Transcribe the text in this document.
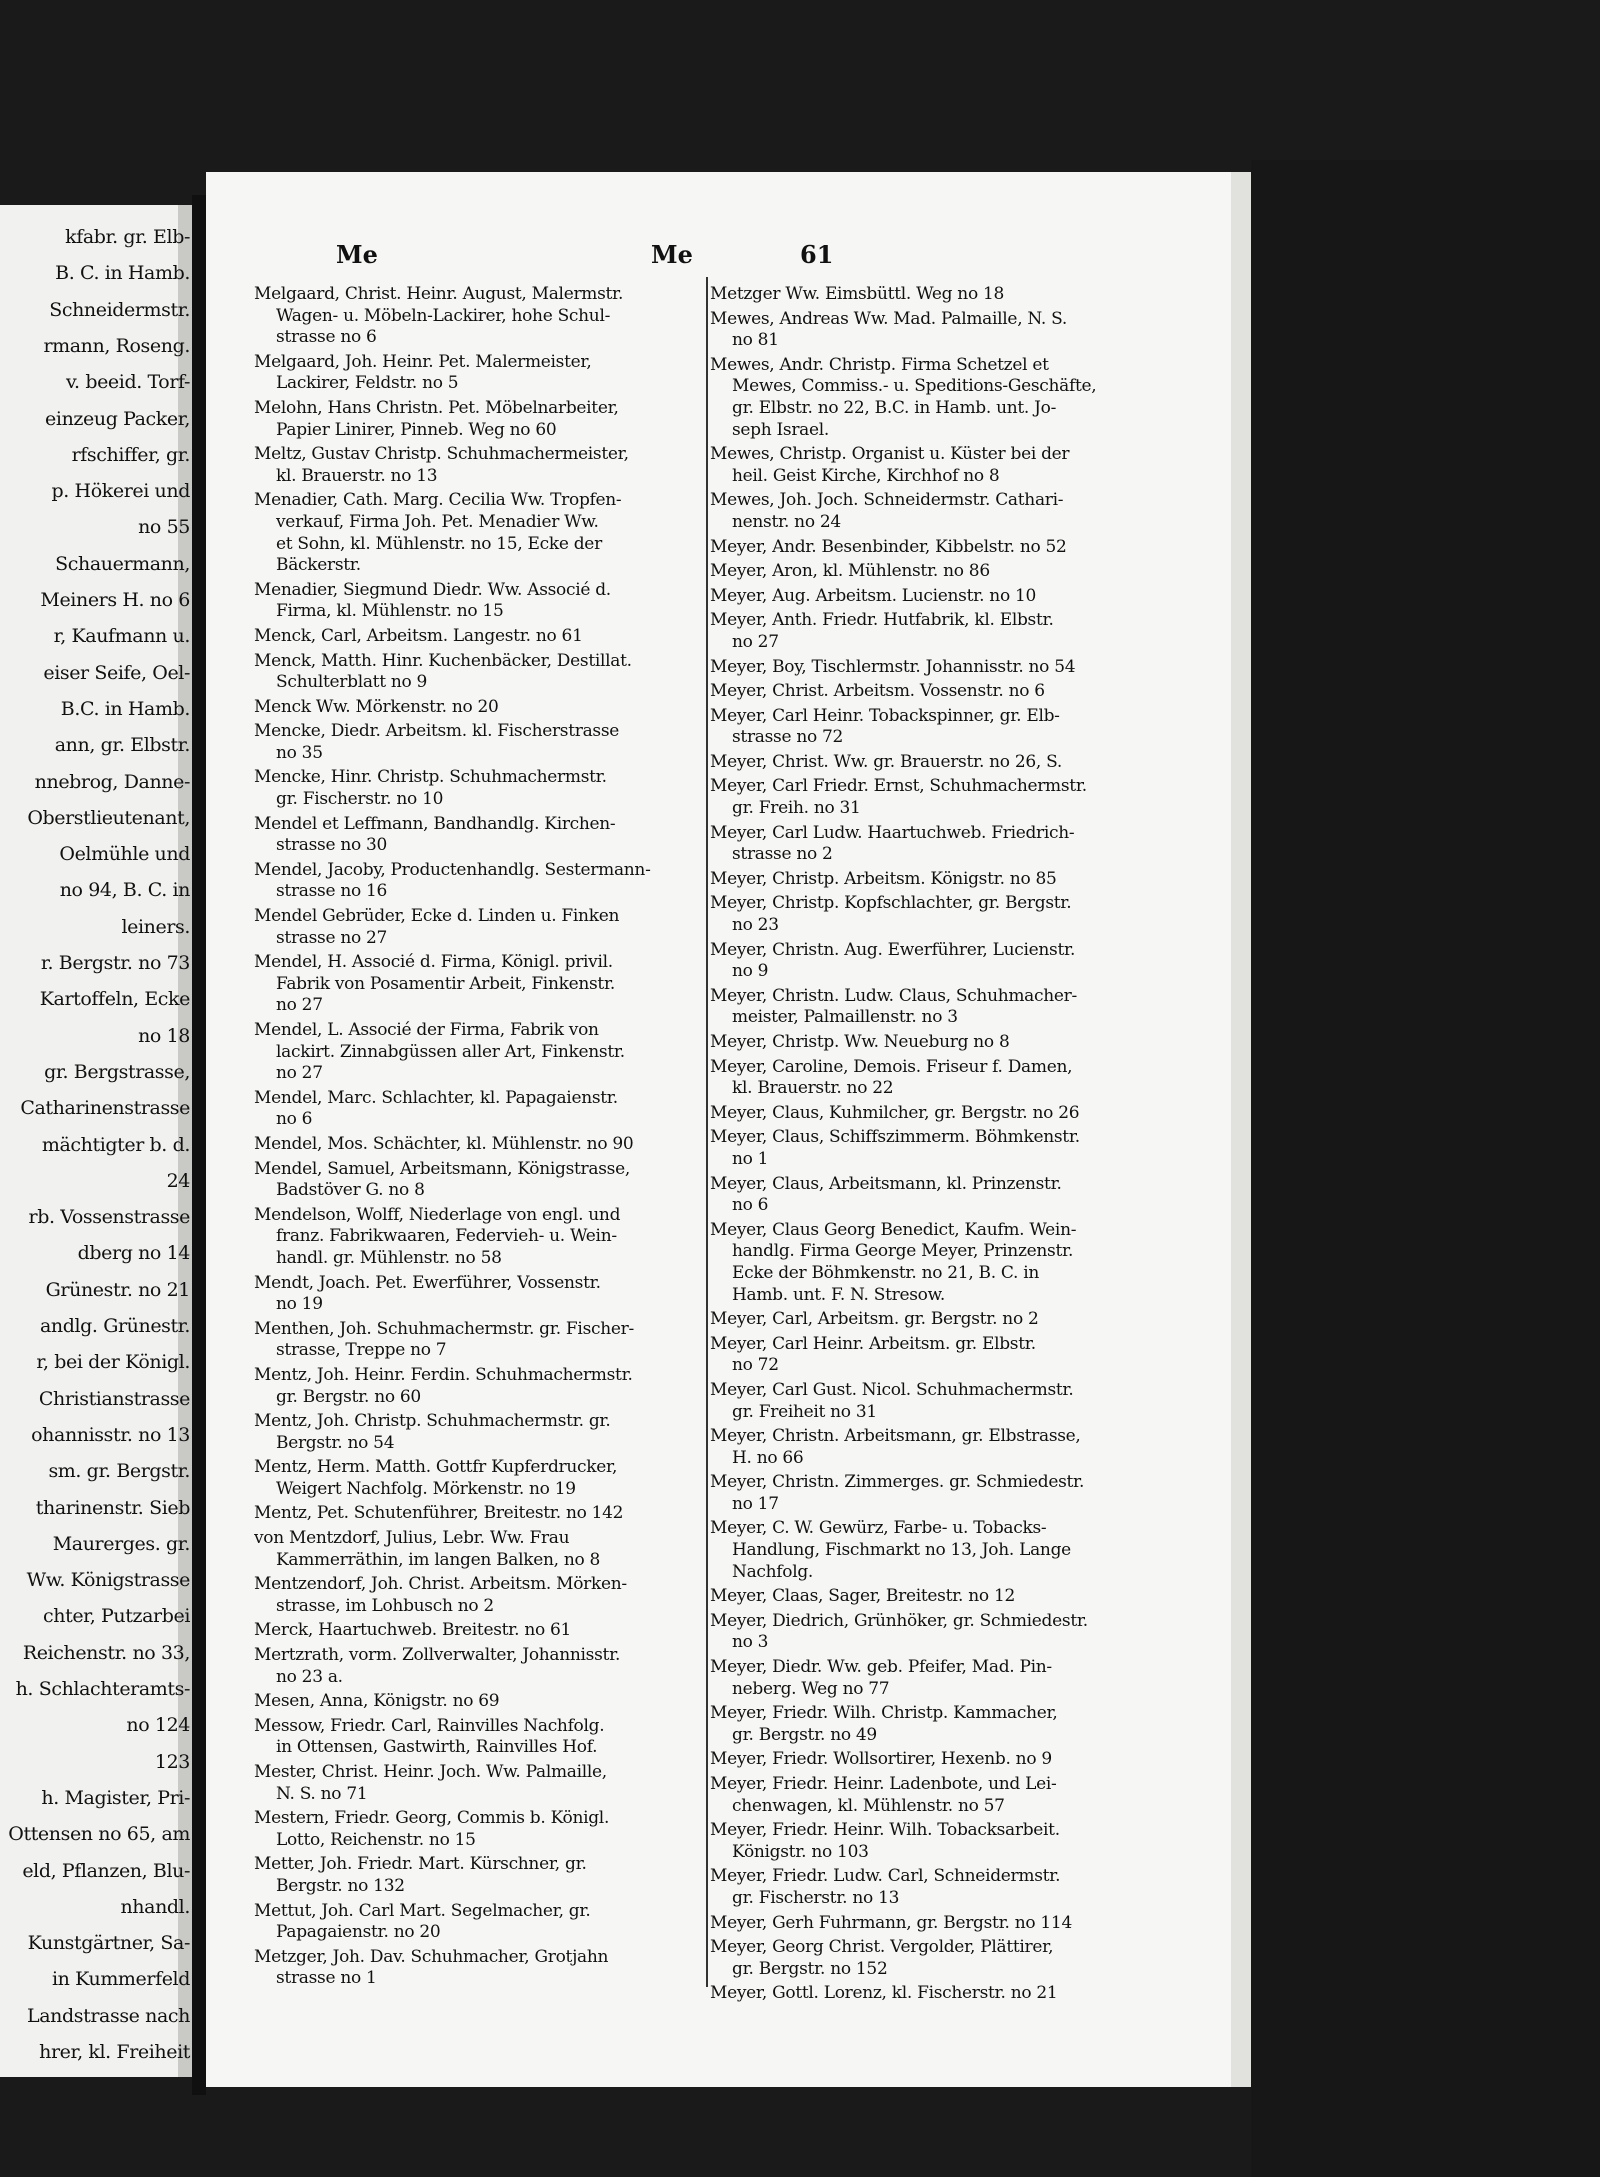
kfabr. gr. Elb-
B. C. in Hamb.
Schneidermstr.
rmann, Roseng.
v. beeid. Torf-
einzeug Packer,
rfschiffer, gr.
p. Hökerei und
no 55
Schauermann,
Meiners H. no 6
r, Kaufmann u.
eiser Seife, Oel-
B.C. in Hamb.
ann, gr. Elbstr.
nnebrog, Danne-
Oberstlieutenant,
Oelmühle und
no 94, B. C. in
leiners.
r. Bergstr. no 73
Kartoffeln, Ecke
no 18
gr. Bergstrasse,
Catharinenstrasse
mächtigter b. d.
24
rb. Vossenstrasse
dberg no 14
Grünestr. no 21
andlg. Grünestr.
r, bei der Königl.
Christianstrasse
ohannisstr. no 13
sm. gr. Bergstr.
tharinenstr. Sieb
Maurerges. gr.
Ww. Königstrasse
chter, Putzarbei
Reichenstr. no 33,
h. Schlachteramts-
no 124
123
h. Magister, Pri-
Ottensen no 65, am
eld, Pflanzen, Blu-
nhandl.
Kunstgärtner, Sa-
in Kummerfeld
Landstrasse nach
hrer, kl. Freiheit
Me	Me	61
Melgaard, Christ. Heinr. August, Malermstr.
Wagen- u. Möbeln-Lackirer, hohe Schul-
strasse no 6
Melgaard, Joh. Heinr. Pet. Malermeister,
Lackirer, Feldstr. no 5
Melohn, Hans Christn. Pet. Möbelnarbeiter,
Papier Linirer, Pinneb. Weg no 60
Meltz, Gustav Christp. Schuhmachermeister,
kl. Brauerstr. no 13
Menadier, Cath. Marg. Cecilia Ww. Tropfen-
verkauf, Firma Joh. Pet. Menadier Ww.
et Sohn, kl. Mühlenstr. no 15, Ecke der
Bäckerstr.
Menadier, Siegmund Diedr. Ww. Associé d.
Firma, kl. Mühlenstr. no 15
Menck, Carl, Arbeitsm. Langestr. no 61
Menck, Matth. Hinr. Kuchenbäcker, Destillat.
Schulterblatt no 9
Menck Ww. Mörkenstr. no 20
Mencke, Diedr. Arbeitsm. kl. Fischerstrasse
no 35
Mencke, Hinr. Christp. Schuhmachermstr.
gr. Fischerstr. no 10
Mendel et Leffmann, Bandhandlg. Kirchen-
strasse no 30
Mendel, Jacoby, Productenhandlg. Sestermann-
strasse no 16
Mendel Gebrüder, Ecke d. Linden u. Finken
strasse no 27
Mendel, H. Associé d. Firma, Königl. privil.
Fabrik von Posamentir Arbeit, Finkenstr.
no 27
Mendel, L. Associé der Firma, Fabrik von
lackirt. Zinnabgüssen aller Art, Finkenstr.
no 27
Mendel, Marc. Schlachter, kl. Papagaienstr.
no 6
Mendel, Mos. Schächter, kl. Mühlenstr. no 90
Mendel, Samuel, Arbeitsmann, Königstrasse,
Badstöver G. no 8
Mendelson, Wolff, Niederlage von engl. und
franz. Fabrikwaaren, Federvieh- u. Wein-
handl. gr. Mühlenstr. no 58
Mendt, Joach. Pet. Ewerführer, Vossenstr.
no 19
Menthen, Joh. Schuhmachermstr. gr. Fischer-
strasse, Treppe no 7
Mentz, Joh. Heinr. Ferdin. Schuhmachermstr.
gr. Bergstr. no 60
Mentz, Joh. Christp. Schuhmachermstr. gr.
Bergstr. no 54
Mentz, Herm. Matth. Gottfr Kupferdrucker,
Weigert Nachfolg. Mörkenstr. no 19
Mentz, Pet. Schutenführer, Breitestr. no 142
von Mentzdorf, Julius, Lebr. Ww. Frau
Kammerräthin, im langen Balken, no 8
Mentzendorf, Joh. Christ. Arbeitsm. Mörken-
strasse, im Lohbusch no 2
Merck, Haartuchweb. Breitestr. no 61
Mertzrath, vorm. Zollverwalter, Johannisstr.
no 23 a.
Mesen, Anna, Königstr. no 69
Messow, Friedr. Carl, Rainvilles Nachfolg.
in Ottensen, Gastwirth, Rainvilles Hof.
Mester, Christ. Heinr. Joch. Ww. Palmaille,
N. S. no 71
Mestern, Friedr. Georg, Commis b. Königl.
Lotto, Reichenstr. no 15
Metter, Joh. Friedr. Mart. Kürschner, gr.
Bergstr. no 132
Mettut, Joh. Carl Mart. Segelmacher, gr.
Papagaienstr. no 20
Metzger, Joh. Dav. Schuhmacher, Grotjahn
strasse no 1
Metzger Ww. Eimsbüttl. Weg no 18
Mewes, Andreas Ww. Mad. Palmaille, N. S.
no 81
Mewes, Andr. Christp. Firma Schetzel et
Mewes, Commiss.- u. Speditions-Geschäfte,
gr. Elbstr. no 22, B.C. in Hamb. unt. Jo-
seph Israel.
Mewes, Christp. Organist u. Küster bei der
heil. Geist Kirche, Kirchhof no 8
Mewes, Joh. Joch. Schneidermstr. Cathari-
nenstr. no 24
Meyer, Andr. Besenbinder, Kibbelstr. no 52
Meyer, Aron, kl. Mühlenstr. no 86
Meyer, Aug. Arbeitsm. Lucienstr. no 10
Meyer, Anth. Friedr. Hutfabrik, kl. Elbstr.
no 27
Meyer, Boy, Tischlermstr. Johannisstr. no 54
Meyer, Christ. Arbeitsm. Vossenstr. no 6
Meyer, Carl Heinr. Tobackspinner, gr. Elb-
strasse no 72
Meyer, Christ. Ww. gr. Brauerstr. no 26, S.
Meyer, Carl Friedr. Ernst, Schuhmachermstr.
gr. Freih. no 31
Meyer, Carl Ludw. Haartuchweb. Friedrich-
strasse no 2
Meyer, Christp. Arbeitsm. Königstr. no 85
Meyer, Christp. Kopfschlachter, gr. Bergstr.
no 23
Meyer, Christn. Aug. Ewerführer, Lucienstr.
no 9
Meyer, Christn. Ludw. Claus, Schuhmacher-
meister, Palmaillenstr. no 3
Meyer, Christp. Ww. Neueburg no 8
Meyer, Caroline, Demois. Friseur f. Damen,
kl. Brauerstr. no 22
Meyer, Claus, Kuhmilcher, gr. Bergstr. no 26
Meyer, Claus, Schiffszimmerm. Böhmkenstr.
no 1
Meyer, Claus, Arbeitsmann, kl. Prinzenstr.
no 6
Meyer, Claus Georg Benedict, Kaufm. Wein-
handlg. Firma George Meyer, Prinzenstr.
Ecke der Böhmkenstr. no 21, B. C. in
Hamb. unt. F. N. Stresow.
Meyer, Carl, Arbeitsm. gr. Bergstr. no 2
Meyer, Carl Heinr. Arbeitsm. gr. Elbstr.
no 72
Meyer, Carl Gust. Nicol. Schuhmachermstr.
gr. Freiheit no 31
Meyer, Christn. Arbeitsmann, gr. Elbstrasse,
H. no 66
Meyer, Christn. Zimmerges. gr. Schmiedestr.
no 17
Meyer, C. W. Gewürz, Farbe- u. Tobacks-
Handlung, Fischmarkt no 13, Joh. Lange
Nachfolg.
Meyer, Claas, Sager, Breitestr. no 12
Meyer, Diedrich, Grünhöker, gr. Schmiedestr.
no 3
Meyer, Diedr. Ww. geb. Pfeifer, Mad. Pin-
neberg. Weg no 77
Meyer, Friedr. Wilh. Christp. Kammacher,
gr. Bergstr. no 49
Meyer, Friedr. Wollsortirer, Hexenb. no 9
Meyer, Friedr. Heinr. Ladenbote, und Lei-
chenwagen, kl. Mühlenstr. no 57
Meyer, Friedr. Heinr. Wilh. Tobacksarbeit.
Königstr. no 103
Meyer, Friedr. Ludw. Carl, Schneidermstr.
gr. Fischerstr. no 13
Meyer, Gerh Fuhrmann, gr. Bergstr. no 114
Meyer, Georg Christ. Vergolder, Plättirer,
gr. Bergstr. no 152
Meyer, Gottl. Lorenz, kl. Fischerstr. no 21
